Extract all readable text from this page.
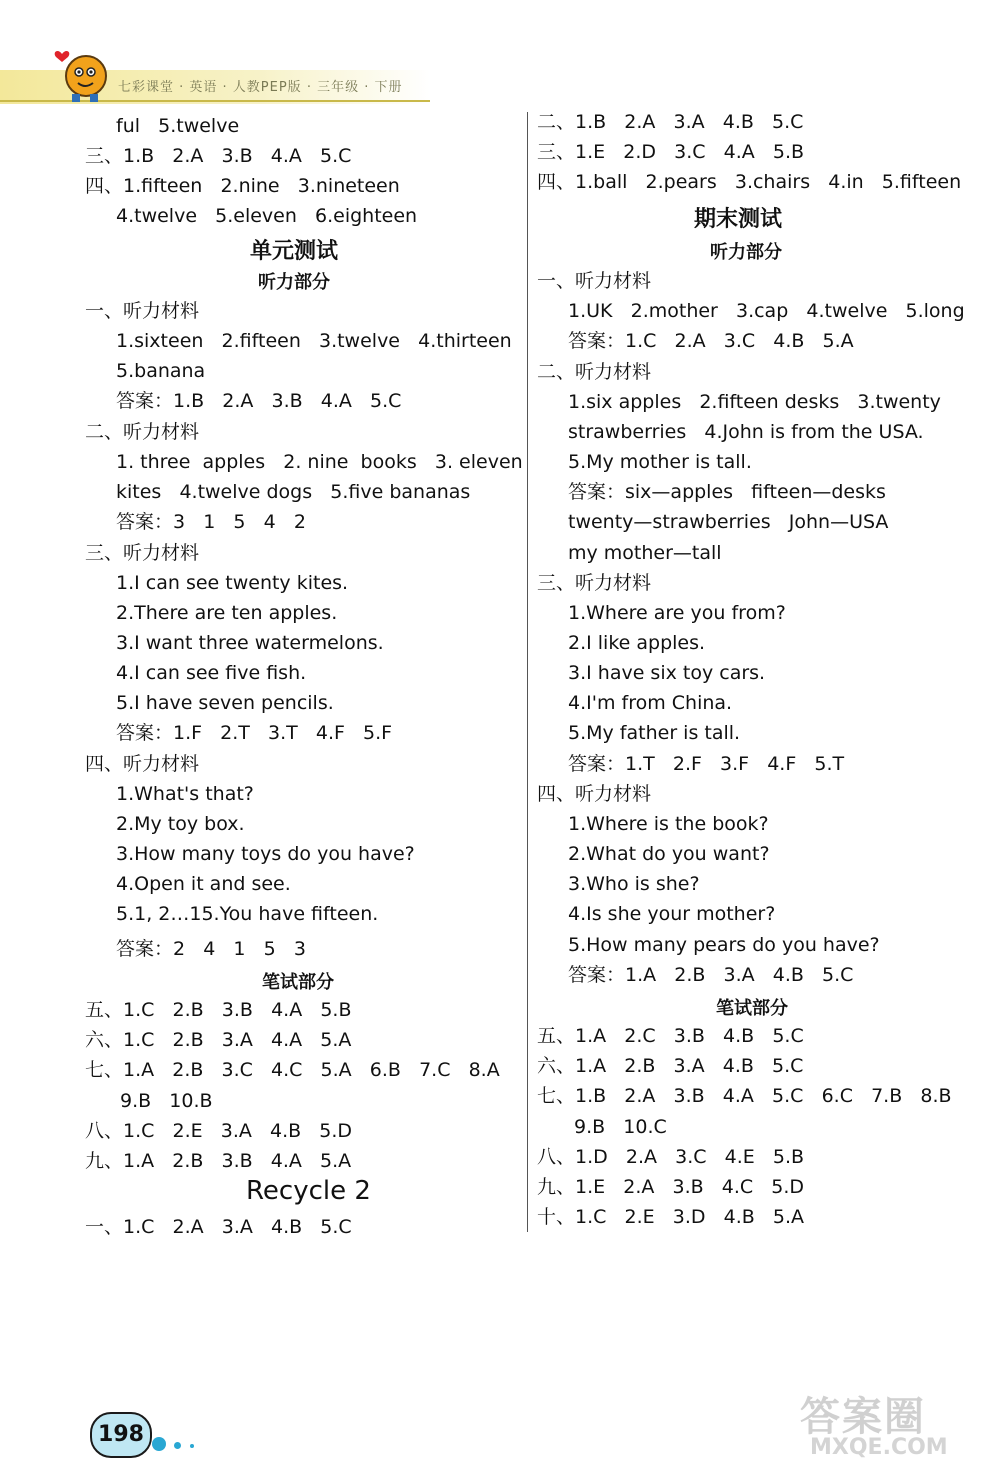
七彩课堂 · 英语 · 人教PEP版 · 三年级 · 下册
ful   5.twelve
三、1.B   2.A   3.B   4.A   5.C
四、1.fifteen   2.nine   3.nineteen
4.twelve   5.eleven   6.eighteen
单元测试
听力部分
一、听力材料
1.sixteen   2.fifteen   3.twelve   4.thirteen
5.banana
答案：1.B   2.A   3.B   4.A   5.C
二、听力材料
1. three  apples   2. nine  books   3. eleven
kites   4.twelve dogs   5.five bananas
答案：3   1   5   4   2
三、听力材料
1.I can see twenty kites.
2.There are ten apples.
3.I want three watermelons.
4.I can see five fish.
5.I have seven pencils.
答案：1.F   2.T   3.T   4.F   5.F
四、听力材料
1.What's that?
2.My toy box.
3.How many toys do you have?
4.Open it and see.
5.1, 2…15.You have fifteen.
答案：2   4   1   5   3
笔试部分
五、1.C   2.B   3.B   4.A   5.B
六、1.C   2.B   3.A   4.A   5.A
七、1.A   2.B   3.C   4.C   5.A   6.B   7.C   8.A
9.B   10.B
八、1.C   2.E   3.A   4.B   5.D
九、1.A   2.B   3.B   4.A   5.A
Recycle 2
一、1.C   2.A   3.A   4.B   5.C
二、1.B   2.A   3.A   4.B   5.C
三、1.E   2.D   3.C   4.A   5.B
四、1.ball   2.pears   3.chairs   4.in   5.fifteen
期末测试
听力部分
一、听力材料
1.UK   2.mother   3.cap   4.twelve   5.long
答案：1.C   2.A   3.C   4.B   5.A
二、听力材料
1.six apples   2.fifteen desks   3.twenty
strawberries   4.John is from the USA.
5.My mother is tall.
答案：six—apples   fifteen—desks
twenty—strawberries   John—USA
my mother—tall
三、听力材料
1.Where are you from?
2.I like apples.
3.I have six toy cars.
4.I'm from China.
5.My father is tall.
答案：1.T   2.F   3.F   4.F   5.T
四、听力材料
1.Where is the book?
2.What do you want?
3.Who is she?
4.Is she your mother?
5.How many pears do you have?
答案：1.A   2.B   3.A   4.B   5.C
笔试部分
五、1.A   2.C   3.B   4.B   5.C
六、1.A   2.B   3.A   4.B   5.C
七、1.B   2.A   3.B   4.A   5.C   6.C   7.B   8.B
9.B   10.C
八、1.D   2.A   3.C   4.E   5.B
九、1.E   2.A   3.B   4.C   5.D
十、1.C   2.E   3.D   4.B   5.A
198	答案圈
MXQE.COM
